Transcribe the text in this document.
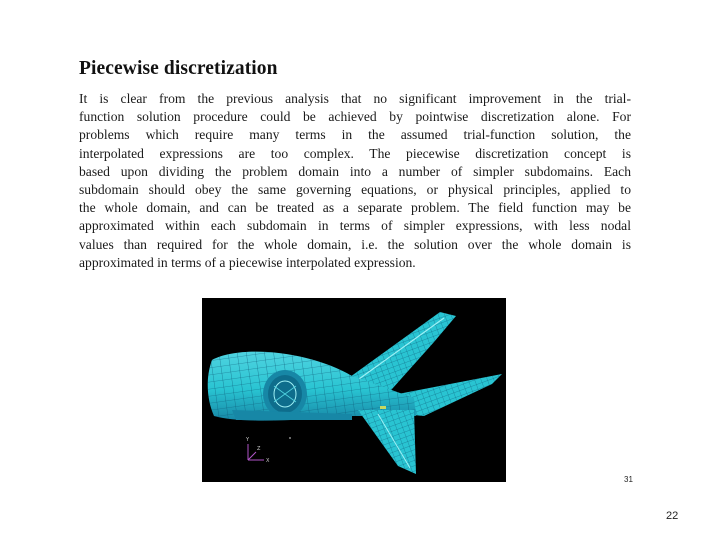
Piecewise discretization
It is clear from the previous analysis that no significant improvement in the trial-
function solution procedure could be achieved by pointwise discretization alone. For
problems which require many terms in the assumed trial-function solution, the
interpolated expressions are too complex. The piecewise discretization concept is
based upon dividing the problem domain into a number of simpler subdomains. Each
subdomain should obey the same governing equations, or physical principles, applied to
the whole domain, and can be treated as a separate problem. The field function may be
approximated within each subdomain in terms of simpler expressions, with less nodal
values than required for the whole domain, i.e. the solution over the whole domain is
approximated in terms of a piecewise interpolated expression.
Y
X
Z
31
22
